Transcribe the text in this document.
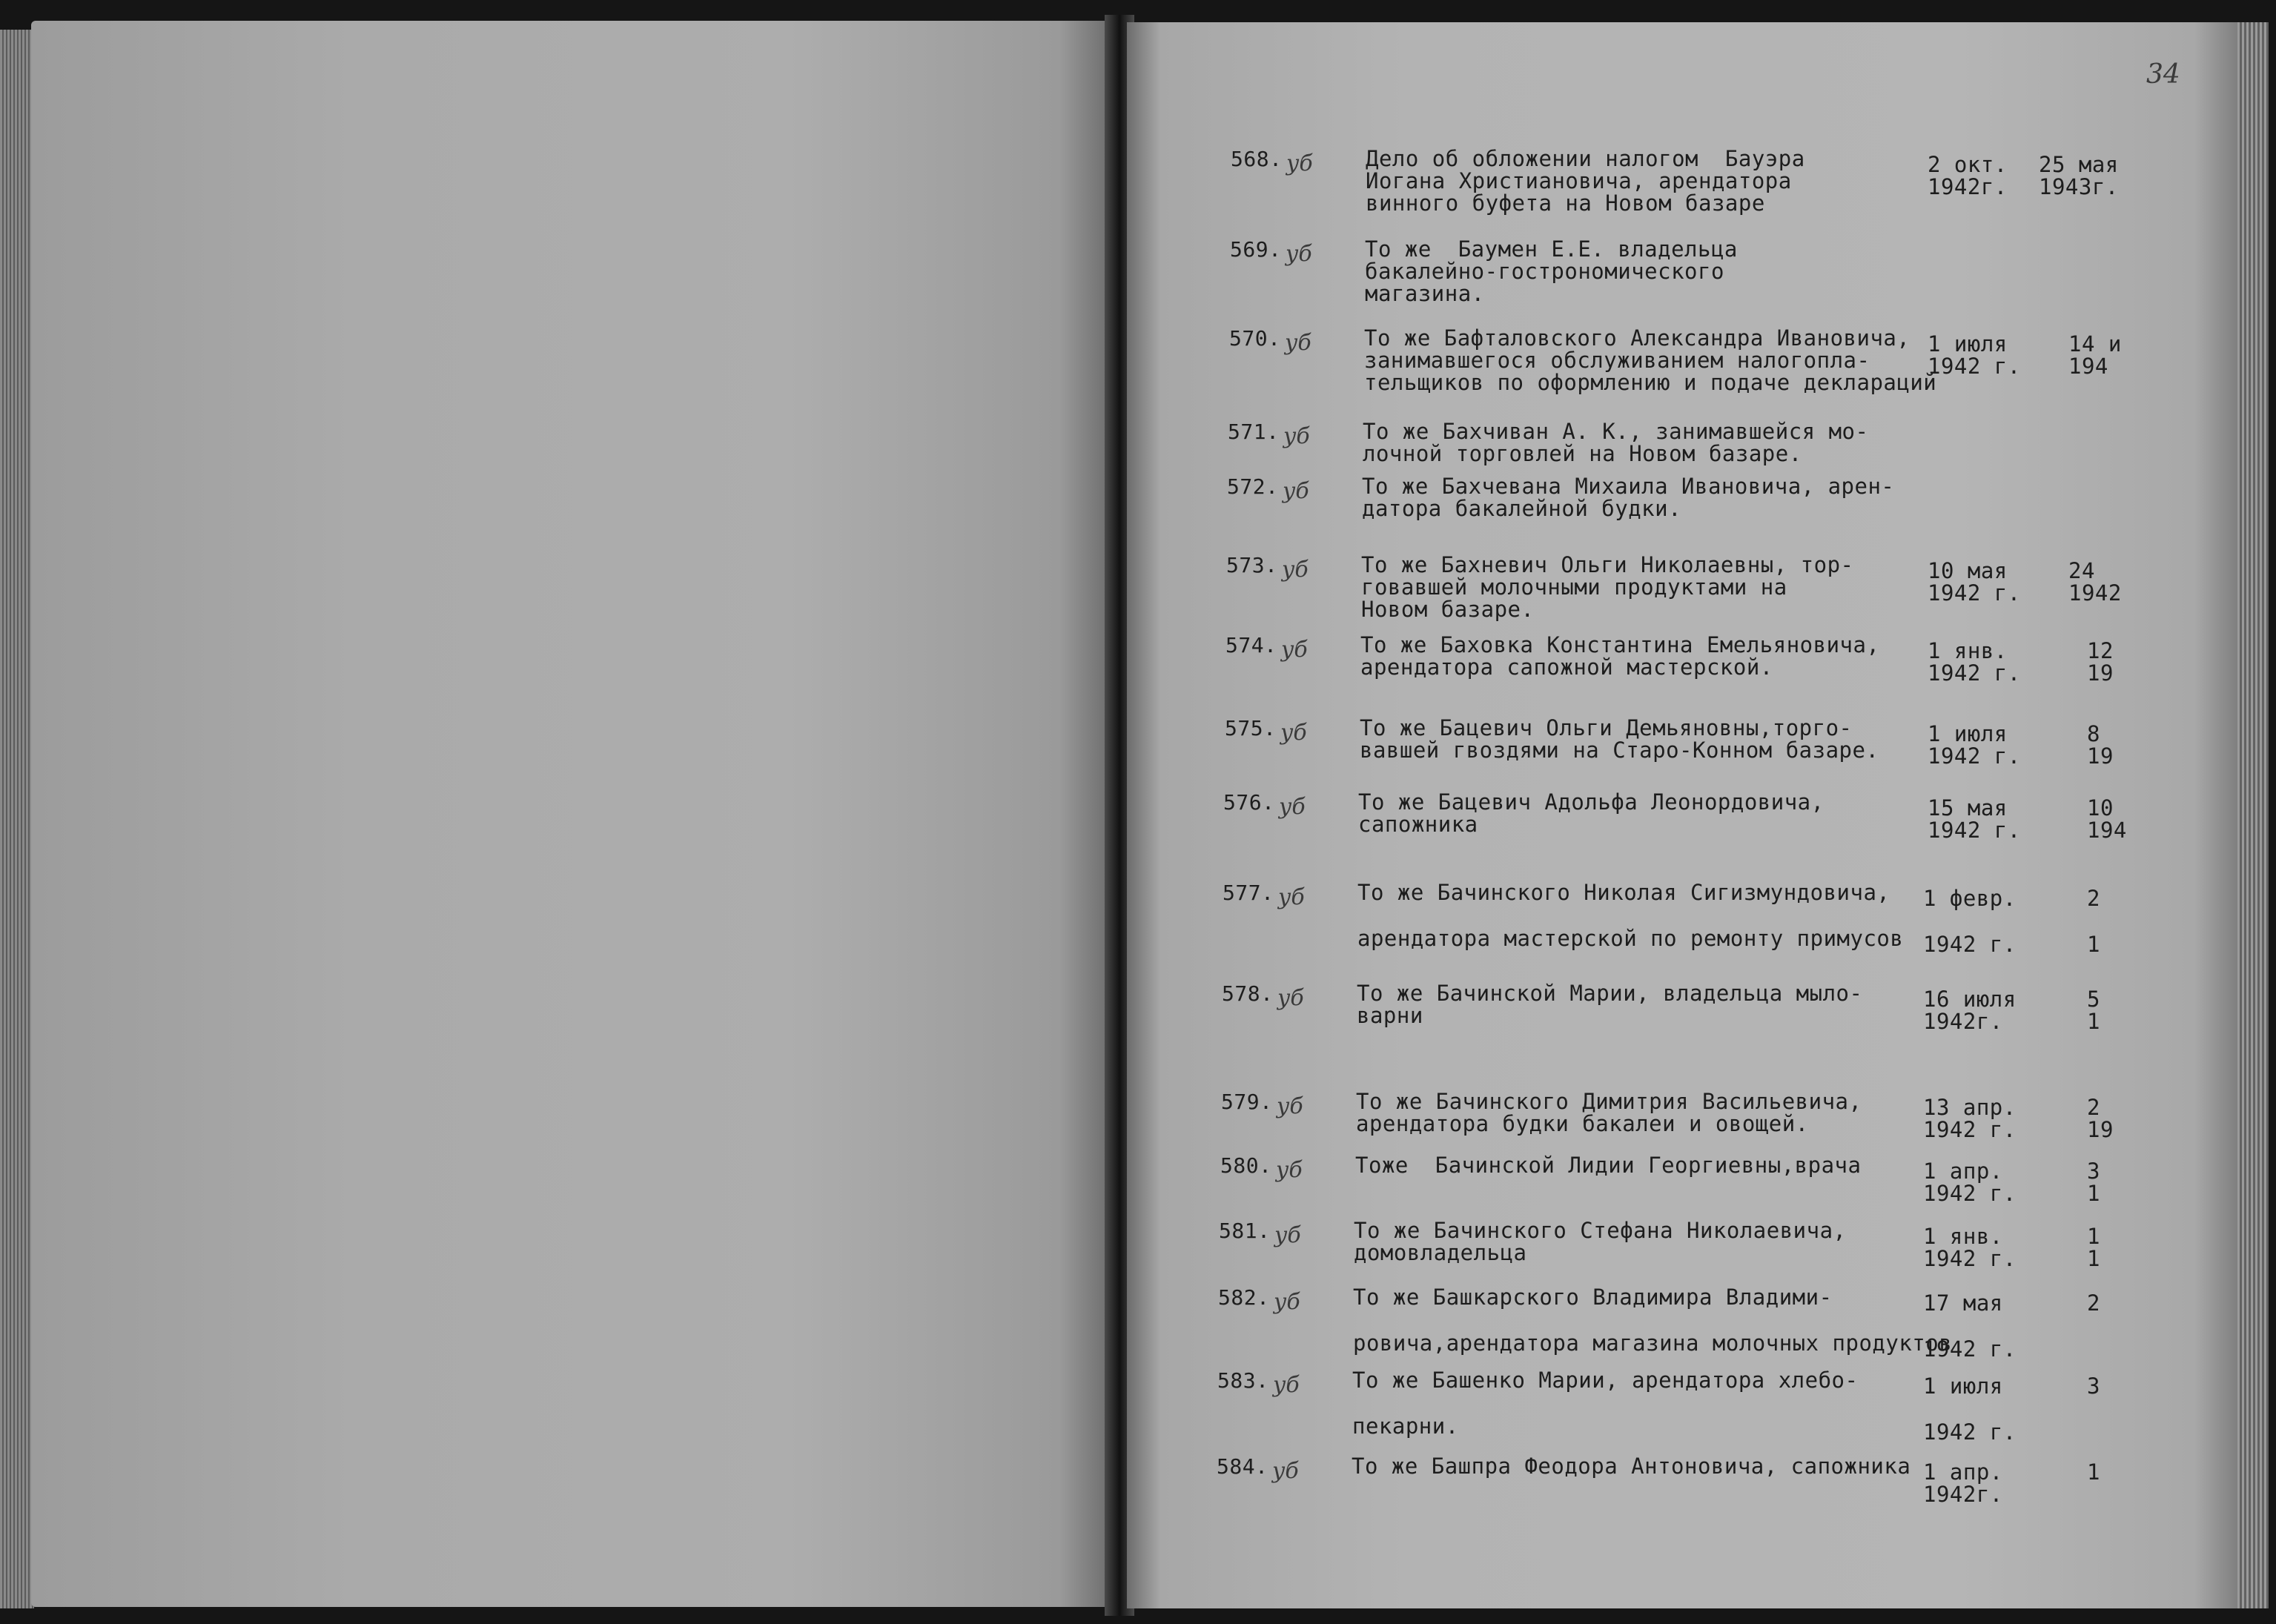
568. уб Дело об обложении налогом  Бауэра
Иогана Христиановича, арендатора
винного буфета на Новом базаре
2 окт.
1942г.
25 мая
1943г.
569. уб То же  Баумен Е.Е. владельца
бакалейно-гострономического
магазина.
570. уб То же Бафталовского Александра Ивановича,
занимавшегося обслуживанием налогопла-
тельщиков по оформлению и подаче деклараций
1 июля
1942 г.
14 и
194
571. уб То же Бахчиван А. К., занимавшейся мо-
лочной торговлей на Новом базаре.
572. уб То же Бахчевана Михаила Ивановича, арен-
датора бакалейной будки.
573. уб То же Бахневич Ольги Николаевны, тор-
говавшей молочными продуктами на
Новом базаре.
10 мая
1942 г.
24
1942
574. уб То же Баховка Константина Емельяновича,
арендатора сапожной мастерской.
1 янв.
1942 г.
12
19
575. уб То же Бацевич Ольги Демьяновны,торго-
вавшей гвоздями на Старо-Конном базаре.
1 июля
1942 г.
8
19
576. уб То же Бацевич Адольфа Леонордовича,
сапожника
15 мая
1942 г.
10
194
577. уб То же Бачинского Николая Сигизмундовича,
арендатора мастерской по ремонту примусов
1 февр.
1942 г.
2
1
578. уб То же Бачинской Марии, владельца мыло-
варни
16 июля
1942г.
5
1
579. уб То же Бачинского Димитрия Васильевича,
арендатора будки бакалеи и овощей.
13 апр.
1942 г.
2
19
580. уб Тоже  Бачинской Лидии Георгиевны,врача	1 апр.
1942 г.
3
1
581. уб То же Бачинского Стефана Николаевича,
домовладельца
1 янв.
1942 г.
1
1
582. уб То же Башкарского Владимира Владими-
ровича,арендатора магазина молочных продуктов
17 мая
1942 г.
2
583. уб То же Башенко Марии, арендатора хлебо-
пекарни.
1 июля
1942 г.
3
584. уб То же Башпра Феодора Антоновича, сапожника 1 апр.
1942г.
1
34
